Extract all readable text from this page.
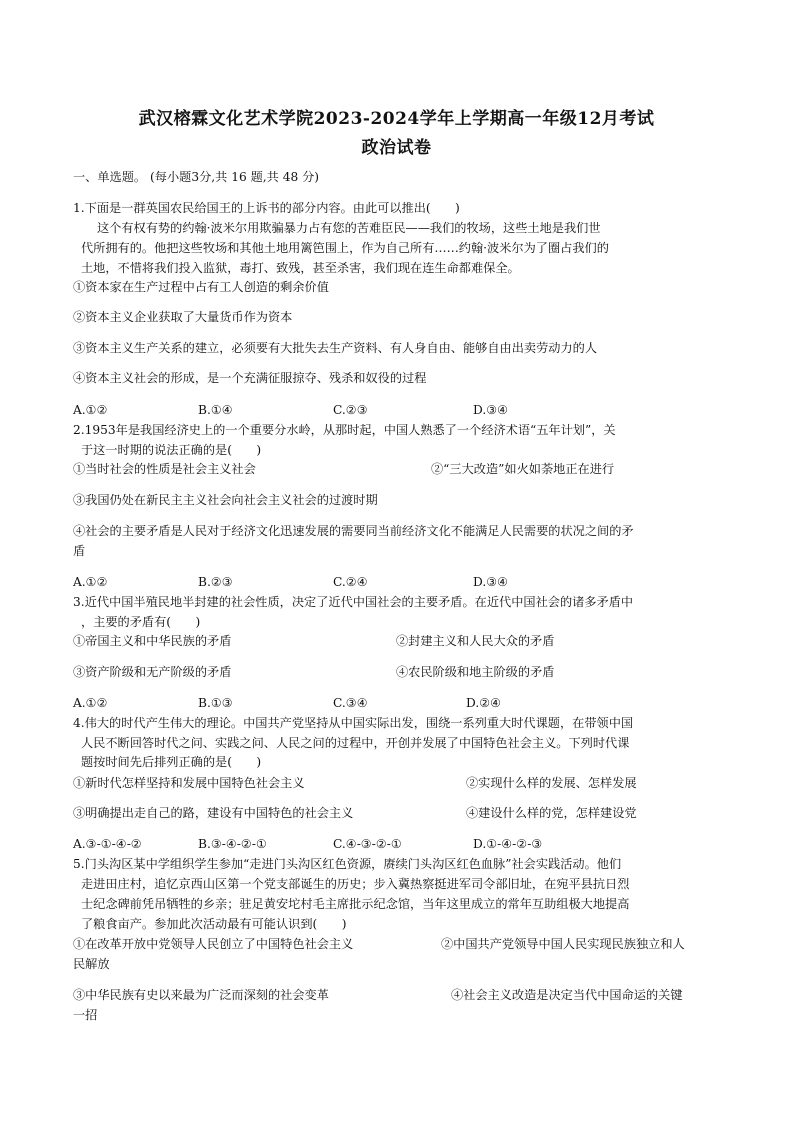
武汉榕霖文化艺术学院2023-2024学年上学期高一年级12月考试
政治试卷
一、单选题。 (每小题3分,共 16 题,共 48 分)
1.下面是一群英国农民给国王的上诉书的部分内容。由此可以推出(　　)
这个有权有势的约翰·波米尔用欺骗暴力占有您的苦难臣民——我们的牧场，这些土地是我们世
代所拥有的。他把这些牧场和其他土地用篱笆围上，作为自己所有……约翰·波米尔为了圈占我们的
土地，不惜将我们投入监狱，毒打、致残，甚至杀害，我们现在连生命都难保全。
①资本家在生产过程中占有工人创造的剩余价值
②资本主义企业获取了大量货币作为资本
③资本主义生产关系的建立，必须要有大批失去生产资料、有人身自由、能够自由出卖劳动力的人
④资本主义社会的形成，是一个充满征服掠夺、残杀和奴役的过程
A.①②	B.①④	C.②③	D.③④
2.1953年是我国经济史上的一个重要分水岭，从那时起，中国人熟悉了一个经济术语“五年计划”，关
于这一时期的说法正确的是(　　)
①当时社会的性质是社会主义社会	②“三大改造”如火如荼地正在进行
③我国仍处在新民主主义社会向社会主义社会的过渡时期
④社会的主要矛盾是人民对于经济文化迅速发展的需要同当前经济文化不能满足人民需要的状况之间的矛
盾
A.①②	B.②③	C.②④	D.③④
3.近代中国半殖民地半封建的社会性质，决定了近代中国社会的主要矛盾。在近代中国社会的诸多矛盾中
，主要的矛盾有(　　)
①帝国主义和中华民族的矛盾	②封建主义和人民大众的矛盾
③资产阶级和无产阶级的矛盾	④农民阶级和地主阶级的矛盾
A.①②	B.①③	C.③④	D.②④
4.伟大的时代产生伟大的理论。中国共产党坚持从中国实际出发，围绕一系列重大时代课题，在带领中国
人民不断回答时代之问、实践之问、人民之问的过程中，开创并发展了中国特色社会主义。下列时代课
题按时间先后排列正确的是(　　)
①新时代怎样坚持和发展中国特色社会主义	②实现什么样的发展、怎样发展
③明确提出走自己的路，建设有中国特色的社会主义	④建设什么样的党，怎样建设党
A.③-①-④-②	B.③-④-②-①	C.④-③-②-①	D.①-④-②-③
5.门头沟区某中学组织学生参加“走进门头沟区红色资源，赓续门头沟区红色血脉”社会实践活动。他们
走进田庄村，追忆京西山区第一个党支部诞生的历史；步入冀热察挺进军司令部旧址，在宛平县抗日烈
士纪念碑前凭吊牺牲的乡亲；驻足黄安坨村毛主席批示纪念馆，当年这里成立的常年互助组极大地提高
了粮食亩产。参加此次活动最有可能认识到(　　)
①在改革开放中党领导人民创立了中国特色社会主义	②中国共产党领导中国人民实现民族独立和人
民解放
③中华民族有史以来最为广泛而深刻的社会变革	④社会主义改造是决定当代中国命运的关键
一招
